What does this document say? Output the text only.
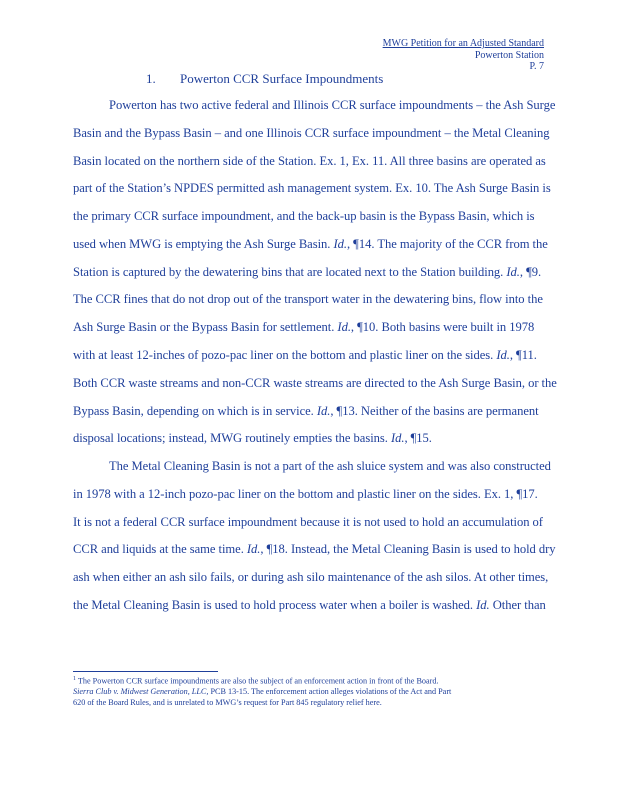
MWG Petition for an Adjusted Standard
Powerton Station
P. 7
1. Powerton CCR Surface Impoundments
Powerton has two active federal and Illinois CCR surface impoundments – the Ash Surge
Basin and the Bypass Basin – and one Illinois CCR surface impoundment – the Metal Cleaning
Basin located on the northern side of the Station. Ex. 1, Ex. 11. All three basins are operated as
part of the Station’s NPDES permitted ash management system. Ex. 10. The Ash Surge Basin is
the primary CCR surface impoundment, and the back-up basin is the Bypass Basin, which is
used when MWG is emptying the Ash Surge Basin. Id., ¶14. The majority of the CCR from the
Station is captured by the dewatering bins that are located next to the Station building. Id., ¶9.
The CCR fines that do not drop out of the transport water in the dewatering bins, flow into the
Ash Surge Basin or the Bypass Basin for settlement. Id., ¶10. Both basins were built in 1978
with at least 12-inches of pozo-pac liner on the bottom and plastic liner on the sides. Id., ¶11.
Both CCR waste streams and non-CCR waste streams are directed to the Ash Surge Basin, or the
Bypass Basin, depending on which is in service. Id., ¶13. Neither of the basins are permanent
disposal locations; instead, MWG routinely empties the basins. Id., ¶15.
The Metal Cleaning Basin is not a part of the ash sluice system and was also constructed
in 1978 with a 12-inch pozo-pac liner on the bottom and plastic liner on the sides. Ex. 1, ¶17.
It is not a federal CCR surface impoundment because it is not used to hold an accumulation of
CCR and liquids at the same time. Id., ¶18. Instead, the Metal Cleaning Basin is used to hold dry
ash when either an ash silo fails, or during ash silo maintenance of the ash silos. At other times,
the Metal Cleaning Basin is used to hold process water when a boiler is washed. Id. Other than
$^1$ The Powerton CCR surface impoundments are also the subject of an enforcement action in front of the Board.
Sierra Club v. Midwest Generation, LLC, PCB 13-15. The enforcement action alleges violations of the Act and Part
620 of the Board Rules, and is unrelated to MWG’s request for Part 845 regulatory relief here.
